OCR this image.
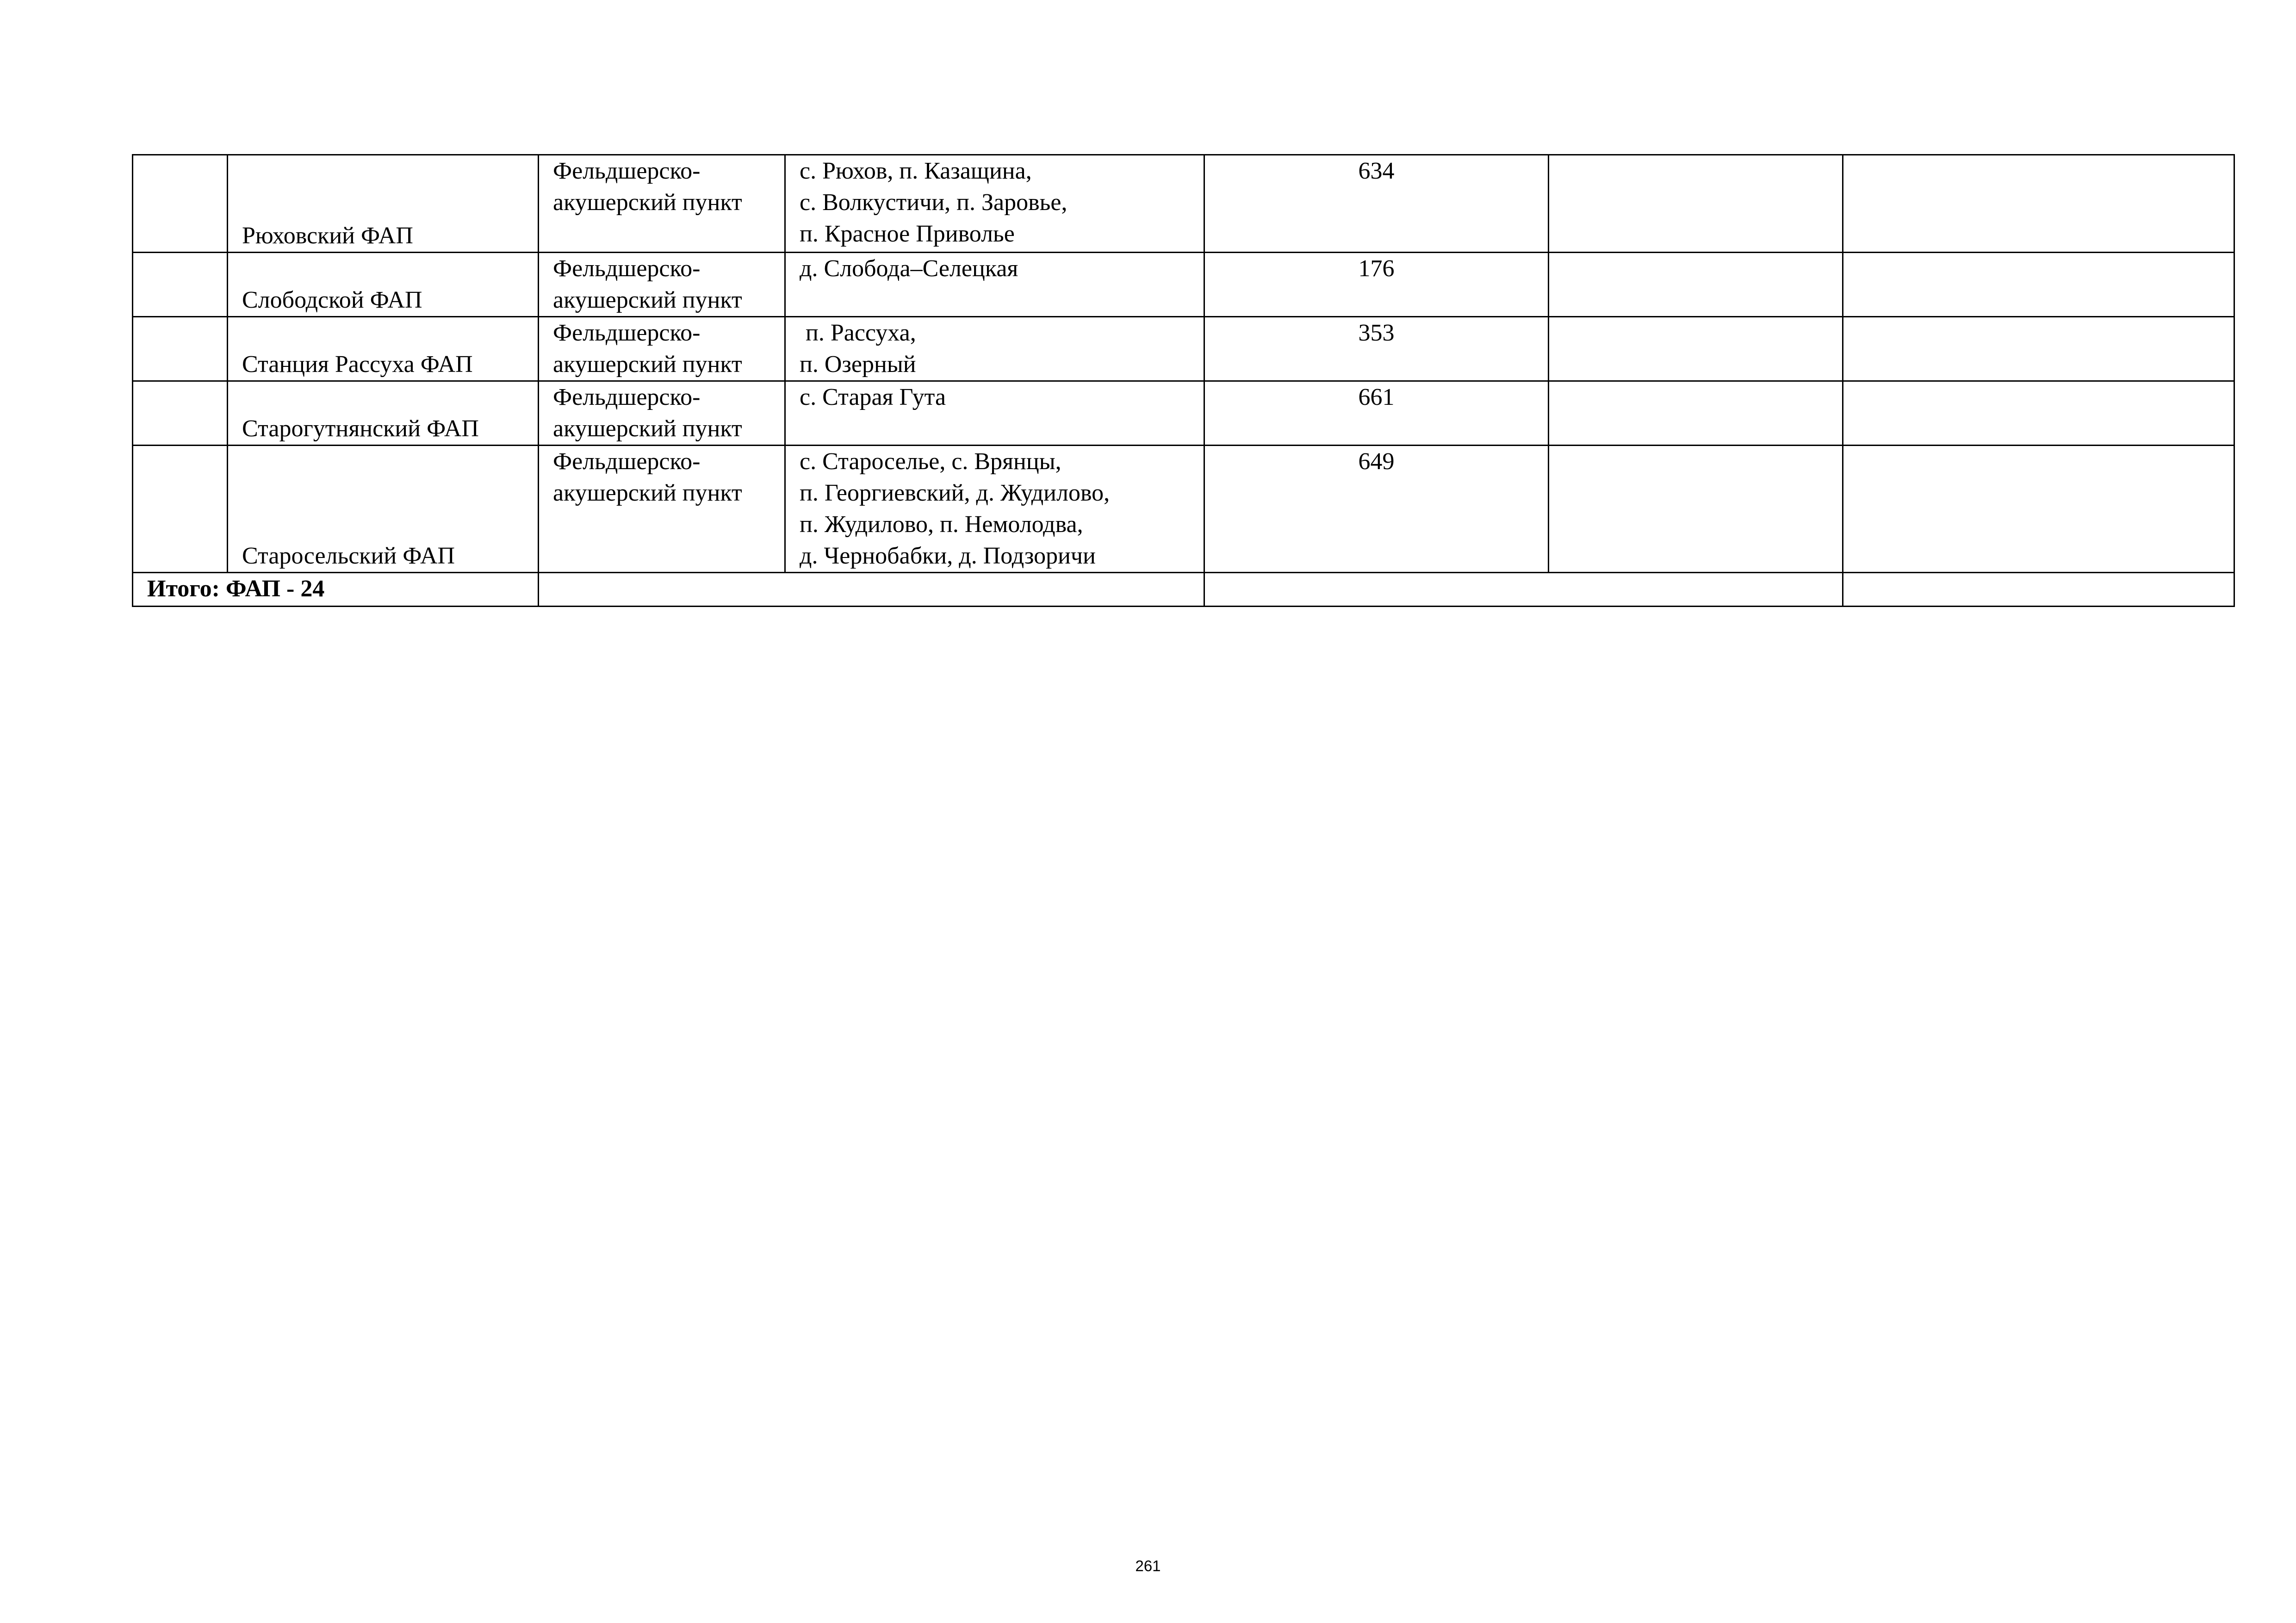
	Рюховский ФАП	Фельдшерско-
акушерский пункт	с. Рюхов, п. Казащина,
с. Волкустичи, п. Заровье,
п. Красное Приволье	634		
	Слободской ФАП	Фельдшерско-
акушерский пункт	д. Слобода–Селецкая	176		
	Станция Рассуха ФАП	Фельдшерско-
акушерский пункт	п. Рассуха,
п. Озерный	353		
	Старогутнянский ФАП	Фельдшерско-
акушерский пункт	с. Старая Гута	661		
	Старосельский ФАП	Фельдшерско-
акушерский пункт	с. Староселье, с. Врянцы,
п. Георгиевский, д. Жудилово,
п. Жудилово, п. Немолодва,
д. Чернобабки, д. Подзоричи	649		
Итого: ФАП - 24						
261
